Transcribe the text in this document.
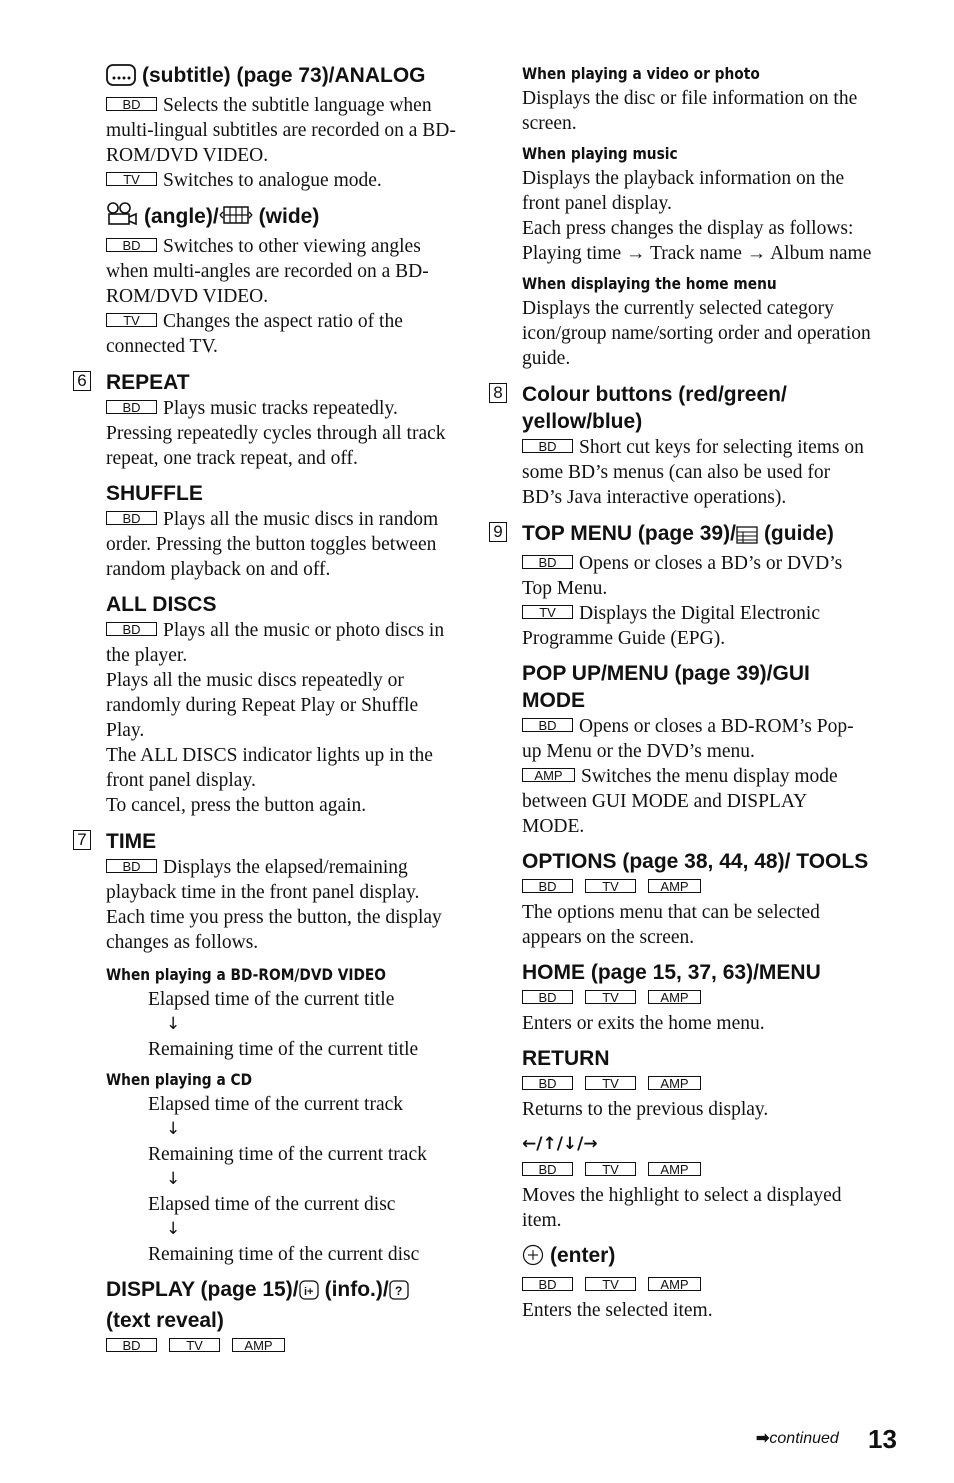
(subtitle) (page 73)/ANALOG

BD Selects the subtitle language when multi-lingual subtitles are recorded on a BD-ROM/DVD VIDEO.

TV Switches to analogue mode.

(angle)/ (wide)

BD Switches to other viewing angles when multi-angles are recorded on a BD-ROM/DVD VIDEO.

TV Changes the aspect ratio of the connected TV.

6 REPEAT

BD Plays music tracks repeatedly. Pressing repeatedly cycles through all track repeat, one track repeat, and off.

SHUFFLE

BD Plays all the music discs in random order. Pressing the button toggles between random playback on and off.

ALL DISCS

BD Plays all the music or photo discs in the player.

Plays all the music discs repeatedly or randomly during Repeat Play or Shuffle Play.

The ALL DISCS indicator lights up in the front panel display.

To cancel, press the button again.

7 TIME

BD Displays the elapsed/remaining playback time in the front panel display. Each time you press the button, the display changes as follows.

When playing a BD-ROM/DVD VIDEO

Elapsed time of the current title

↓

Remaining time of the current title

When playing a CD

Elapsed time of the current track

↓

Remaining time of the current track

↓

Elapsed time of the current disc

↓

Remaining time of the current disc

DISPLAY (page 15)/ i+ (info.)/ ?

(text reveal)

BD	TV	AMP

When playing a video or photo

Displays the disc or file information on the screen.

When playing music

Displays the playback information on the front panel display.

Each press changes the display as follows:

Playing time → Track name → Album name

When displaying the home menu

Displays the currently selected category icon/group name/sorting order and operation guide.

8 Colour buttons (red/green/ yellow/blue)

BD Short cut keys for selecting items on some BD’s menus (can also be used for BD’s Java interactive operations).

9 TOP MENU (page 39)/ (guide)

BD Opens or closes a BD’s or DVD’s Top Menu.

TV Displays the Digital Electronic Programme Guide (EPG).

POP UP/MENU (page 39)/GUI MODE

BD Opens or closes a BD-ROM’s Pop-up Menu or the DVD’s menu.

AMP Switches the menu display mode between GUI MODE and DISPLAY MODE.

OPTIONS (page 38, 44, 48)/ TOOLS

BD	TV	AMP

The options menu that can be selected appears on the screen.

HOME (page 15, 37, 63)/MENU

BD	TV	AMP

Enters or exits the home menu.

RETURN

BD	TV	AMP

Returns to the previous display.

←/↑/↓/→

BD	TV	AMP

Moves the highlight to select a displayed item.

(enter)

BD	TV	AMP

Enters the selected item.

➡continued 13
